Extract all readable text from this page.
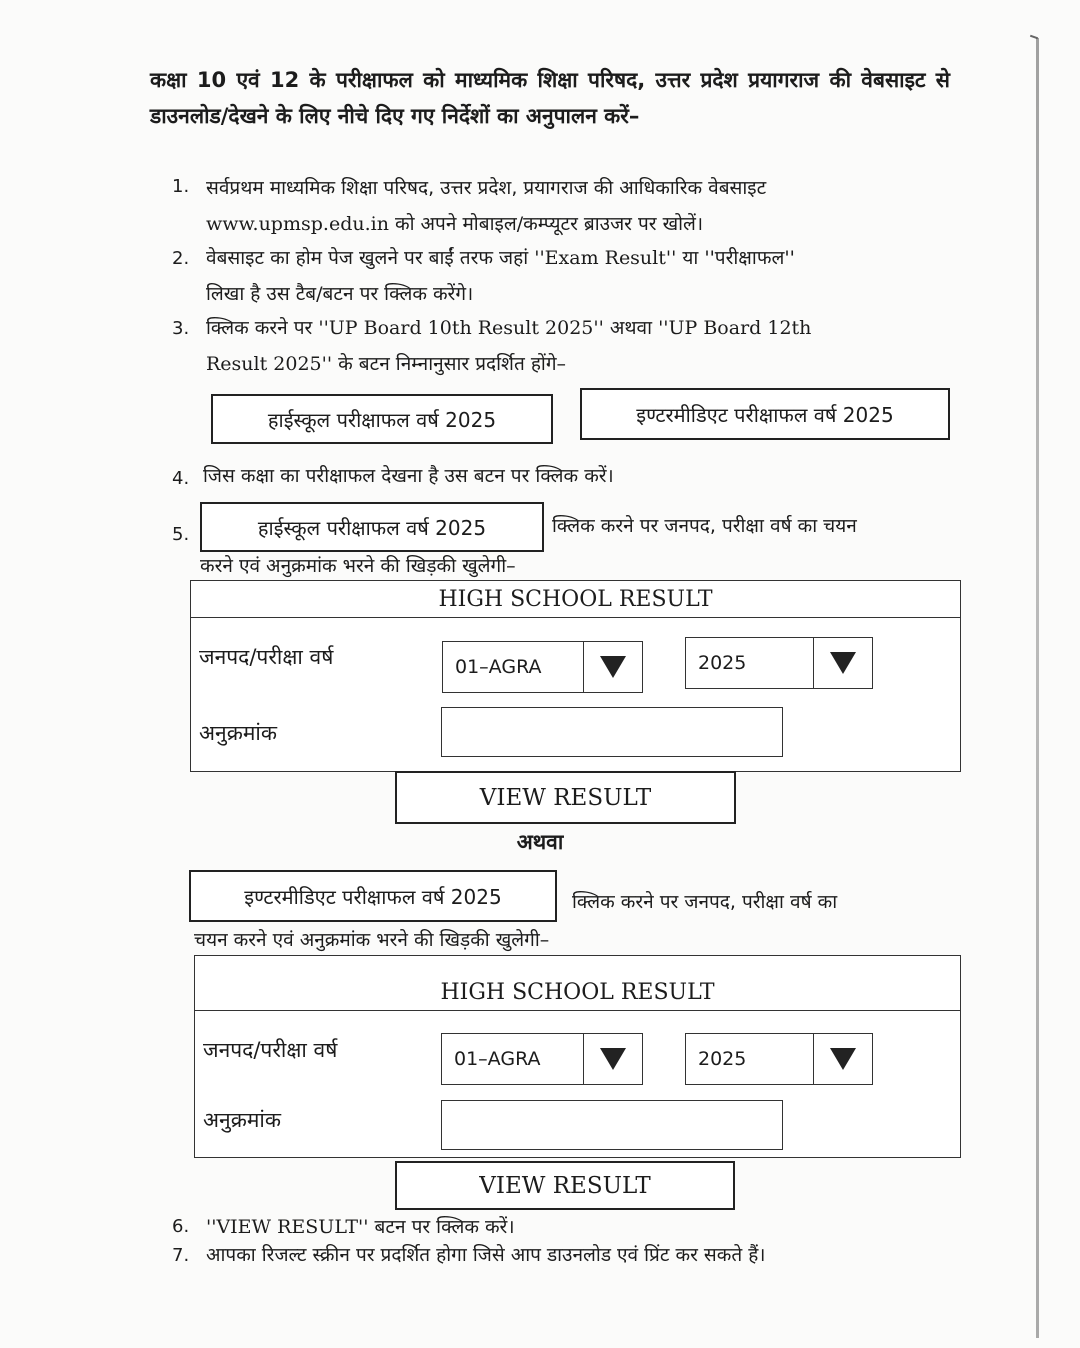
कक्षा 10 एवं 12 के परीक्षाफल को माध्यमिक शिक्षा परिषद, उत्तर प्रदेश प्रयागराज की वेबसाइट से डाउनलोड/देखने के लिए नीचे दिए गए निर्देशों का अनुपालन करें–
1. सर्वप्रथम माध्यमिक शिक्षा परिषद, उत्तर प्रदेश, प्रयागराज की आधिकारिक वेबसाइट
www.upmsp.edu.in को अपने मोबाइल/कम्प्यूटर ब्राउजर पर खोलें।
2. वेबसाइट का होम पेज खुलने पर बाईं तरफ जहां ''Exam Result'' या ''परीक्षाफल''
लिखा है उस टैब/बटन पर क्लिक करेंगे।
3. क्लिक करने पर ''UP Board 10th Result 2025'' अथवा ''UP Board 12th
Result 2025'' के बटन निम्नानुसार प्रदर्शित होंगे–
हाईस्कूल परीक्षाफल वर्ष 2025	इण्टरमीडिएट परीक्षाफल वर्ष 2025
4. जिस कक्षा का परीक्षाफल देखना है उस बटन पर क्लिक करें।
5.	हाईस्कूल परीक्षाफल वर्ष 2025	क्लिक करने पर जनपद, परीक्षा वर्ष का चयन
करने एवं अनुक्रमांक भरने की खिड़की खुलेगी–
HIGH SCHOOL RESULT
जनपद/परीक्षा वर्ष	01–AGRA	2025
अनुक्रमांक
VIEW RESULT
अथवा
इण्टरमीडिएट परीक्षाफल वर्ष 2025	क्लिक करने पर जनपद, परीक्षा वर्ष का
चयन करने एवं अनुक्रमांक भरने की खिड़की खुलेगी–
HIGH SCHOOL RESULT
जनपद/परीक्षा वर्ष	01–AGRA	2025
अनुक्रमांक
VIEW RESULT
6. ''VIEW RESULT'' बटन पर क्लिक करें।
7. आपका रिजल्ट स्क्रीन पर प्रदर्शित होगा जिसे आप डाउनलोड एवं प्रिंट कर सकते हैं।
